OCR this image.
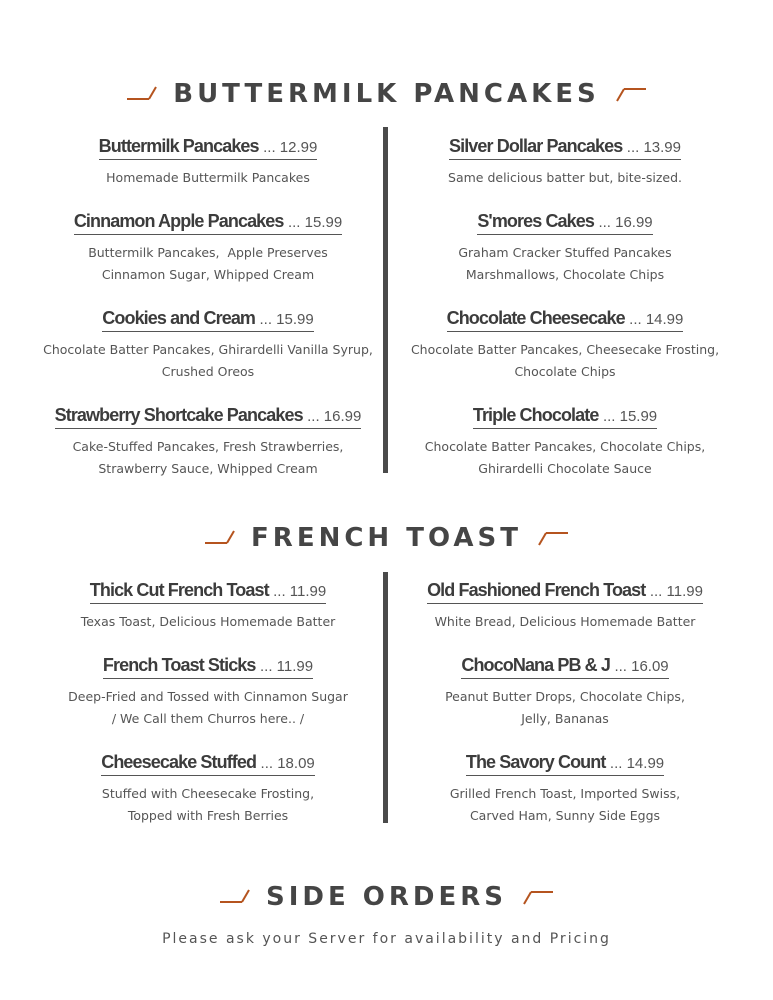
BUTTERMILK PANCAKES
Buttermilk Pancakes ... 12.99
Homemade Buttermilk Pancakes
Cinnamon Apple Pancakes ... 15.99
Buttermilk Pancakes,  Apple Preserves
Cinnamon Sugar, Whipped Cream
Cookies and Cream ... 15.99
Chocolate Batter Pancakes, Ghirardelli Vanilla Syrup,
Crushed Oreos
Strawberry Shortcake Pancakes ... 16.99
Cake-Stuffed Pancakes, Fresh Strawberries,
Strawberry Sauce, Whipped Cream
Silver Dollar Pancakes ... 13.99
Same delicious batter but, bite-sized.
S'mores Cakes ... 16.99
Graham Cracker Stuffed Pancakes
Marshmallows, Chocolate Chips
Chocolate Cheesecake ... 14.99
Chocolate Batter Pancakes, Cheesecake Frosting,
Chocolate Chips
Triple Chocolate ... 15.99
Chocolate Batter Pancakes, Chocolate Chips,
Ghirardelli Chocolate Sauce
FRENCH TOAST
Thick Cut French Toast ... 11.99
Texas Toast, Delicious Homemade Batter
French Toast Sticks ... 11.99
Deep-Fried and Tossed with Cinnamon Sugar
/ We Call them Churros here.. /
Cheesecake Stuffed ... 18.09
Stuffed with Cheesecake Frosting,
Topped with Fresh Berries
Old Fashioned French Toast ... 11.99
White Bread, Delicious Homemade Batter
ChocoNana PB & J ... 16.09
Peanut Butter Drops, Chocolate Chips,
Jelly, Bananas
The Savory Count ... 14.99
Grilled French Toast, Imported Swiss,
Carved Ham, Sunny Side Eggs
SIDE ORDERS
Please ask your Server for availability and Pricing
